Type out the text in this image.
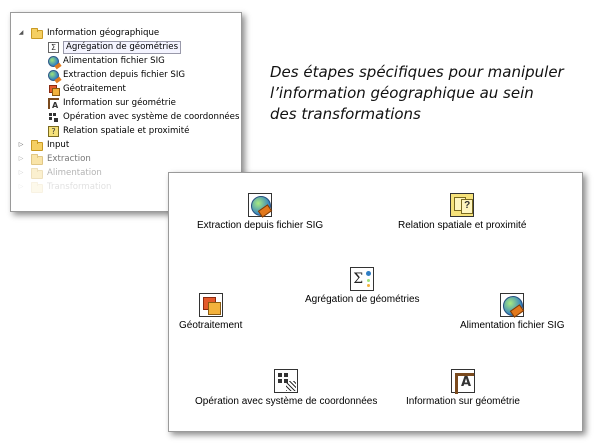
◢	Information géographique
Σ	Agrégation de géométries
Alimentation fichier SIG
Extraction depuis fichier SIG
Géotraitement
A
Information sur géométrie
Opération avec système de coordonnées
? Relation spatiale et proximité
▷	Input
▷	Extraction
▷	Alimentation
▷	Transformation
Des étapes spécifiques pour manipuler
l’information géographique au sein
des transformations
Extraction depuis fichier SIG
?	Relation spatiale et proximité
Σ
Agrégation de géométries
Géotraitement	Alimentation fichier SIG
Opération avec système de coordonnées
A	Information sur géométrie
